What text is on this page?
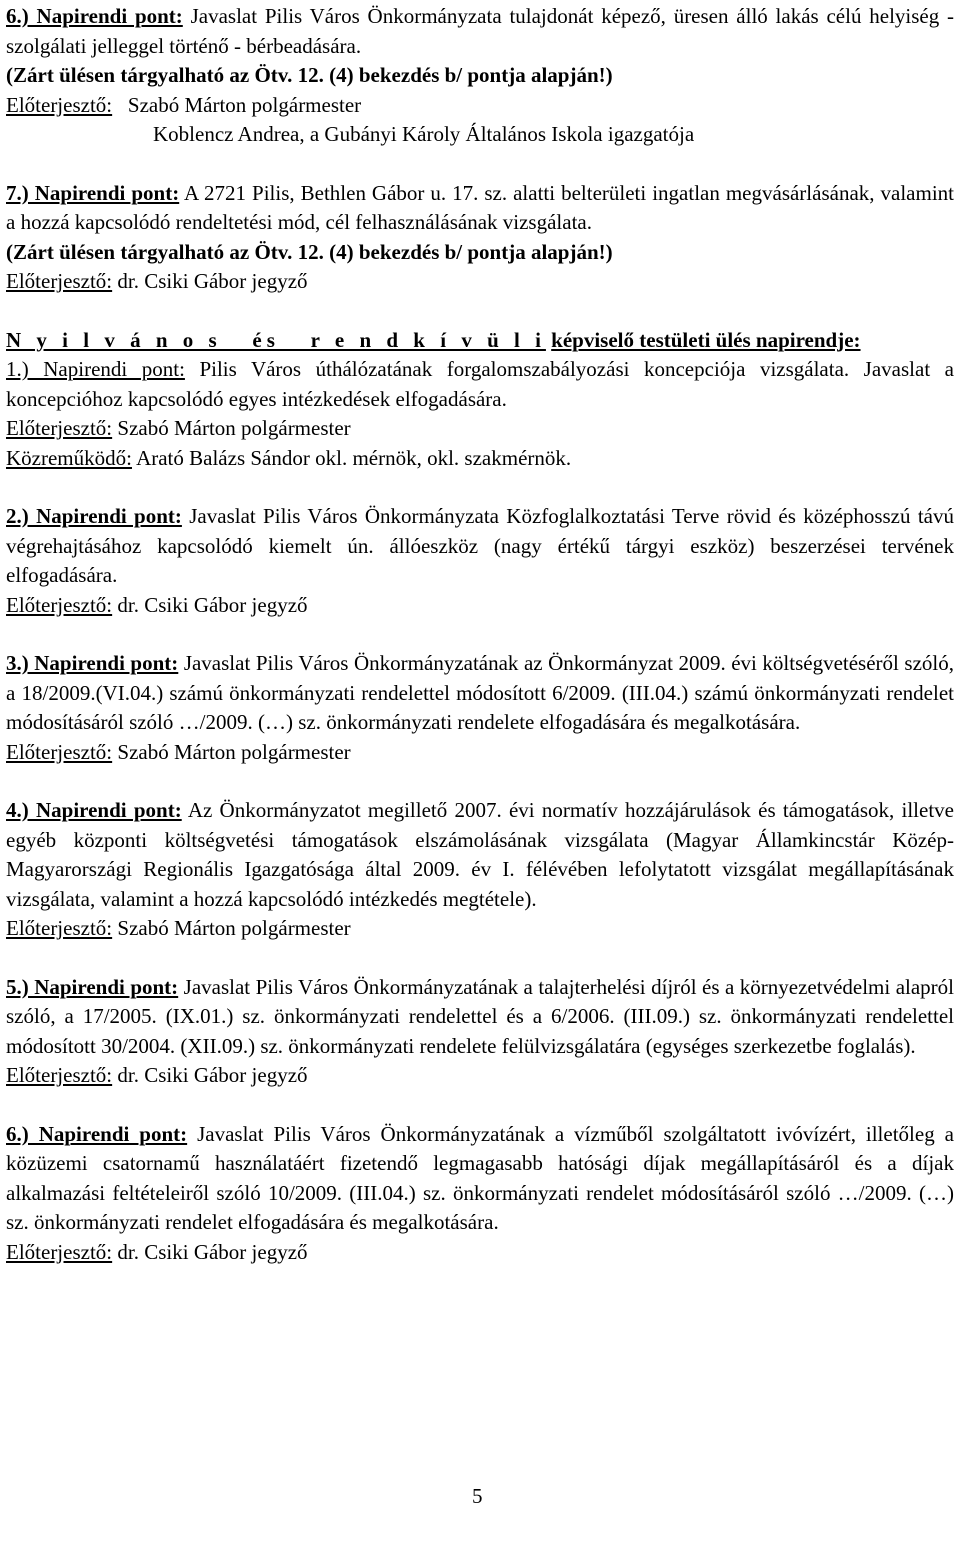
6.) Napirendi pont: Javaslat Pilis Város Önkormányzata tulajdonát képező, üresen álló lakás célú helyiség - szolgálati jelleggel történő - bérbeadására.

(Zárt ülésen tárgyalható az Ötv. 12. (4) bekezdés b/ pontja alapján!)

Előterjesztő: Szabó Márton polgármester

Koblencz Andrea, a Gubányi Károly Általános Iskola igazgatója

7.) Napirendi pont: A 2721 Pilis, Bethlen Gábor u. 17. sz. alatti belterületi ingatlan megvásárlásának, valamint a hozzá kapcsolódó rendeltetési mód, cél felhasználásának vizsgálata.

(Zárt ülésen tárgyalható az Ötv. 12. (4) bekezdés b/ pontja alapján!)

Előterjesztő: dr. Csiki Gábor jegyző

N y i l v á n o s   és   r e n d k í v ü l i képviselő testületi ülés napirendje:

1.) Napirendi pont: Pilis Város úthálózatának forgalomszabályozási koncepciója vizsgálata. Javaslat a koncepcióhoz kapcsolódó egyes intézkedések elfogadására.

Előterjesztő: Szabó Márton polgármester

Közreműködő: Arató Balázs Sándor okl. mérnök, okl. szakmérnök.

2.) Napirendi pont: Javaslat Pilis Város Önkormányzata Közfoglalkoztatási Terve rövid és középhosszú távú végrehajtásához kapcsolódó kiemelt ún. állóeszköz (nagy értékű tárgyi eszköz) beszerzései tervének elfogadására.

Előterjesztő: dr. Csiki Gábor jegyző

3.) Napirendi pont: Javaslat Pilis Város Önkormányzatának az Önkormányzat 2009. évi költségvetéséről szóló, a 18/2009.(VI.04.) számú önkormányzati rendelettel módosított 6/2009. (III.04.) számú önkormányzati rendelet módosításáról szóló …/2009. (…) sz. önkormányzati rendelete elfogadására és megalkotására.

Előterjesztő: Szabó Márton polgármester

4.) Napirendi pont: Az Önkormányzatot megillető 2007. évi normatív hozzájárulások és támogatások, illetve egyéb központi költségvetési támogatások elszámolásának vizsgálata (Magyar Államkincstár Közép-Magyarországi Regionális Igazgatósága által 2009. év I. félévében lefolytatott vizsgálat megállapításának vizsgálata, valamint a hozzá kapcsolódó intézkedés megtétele).

Előterjesztő: Szabó Márton polgármester

5.) Napirendi pont: Javaslat Pilis Város Önkormányzatának a talajterhelési díjról és a környezetvédelmi alapról szóló, a 17/2005. (IX.01.) sz. önkormányzati rendelettel és a 6/2006. (III.09.) sz. önkormányzati rendelettel módosított 30/2004. (XII.09.) sz. önkormányzati rendelete felülvizsgálatára (egységes szerkezetbe foglalás).

Előterjesztő: dr. Csiki Gábor jegyző

6.) Napirendi pont: Javaslat Pilis Város Önkormányzatának a vízműből szolgáltatott ivóvízért, illetőleg a közüzemi csatornamű használatáért fizetendő legmagasabb hatósági díjak megállapításáról és a díjak alkalmazási feltételeiről szóló 10/2009. (III.04.) sz. önkormányzati rendelet módosításáról szóló …/2009. (…) sz. önkormányzati rendelet elfogadására és megalkotására.

Előterjesztő: dr. Csiki Gábor jegyző

5
